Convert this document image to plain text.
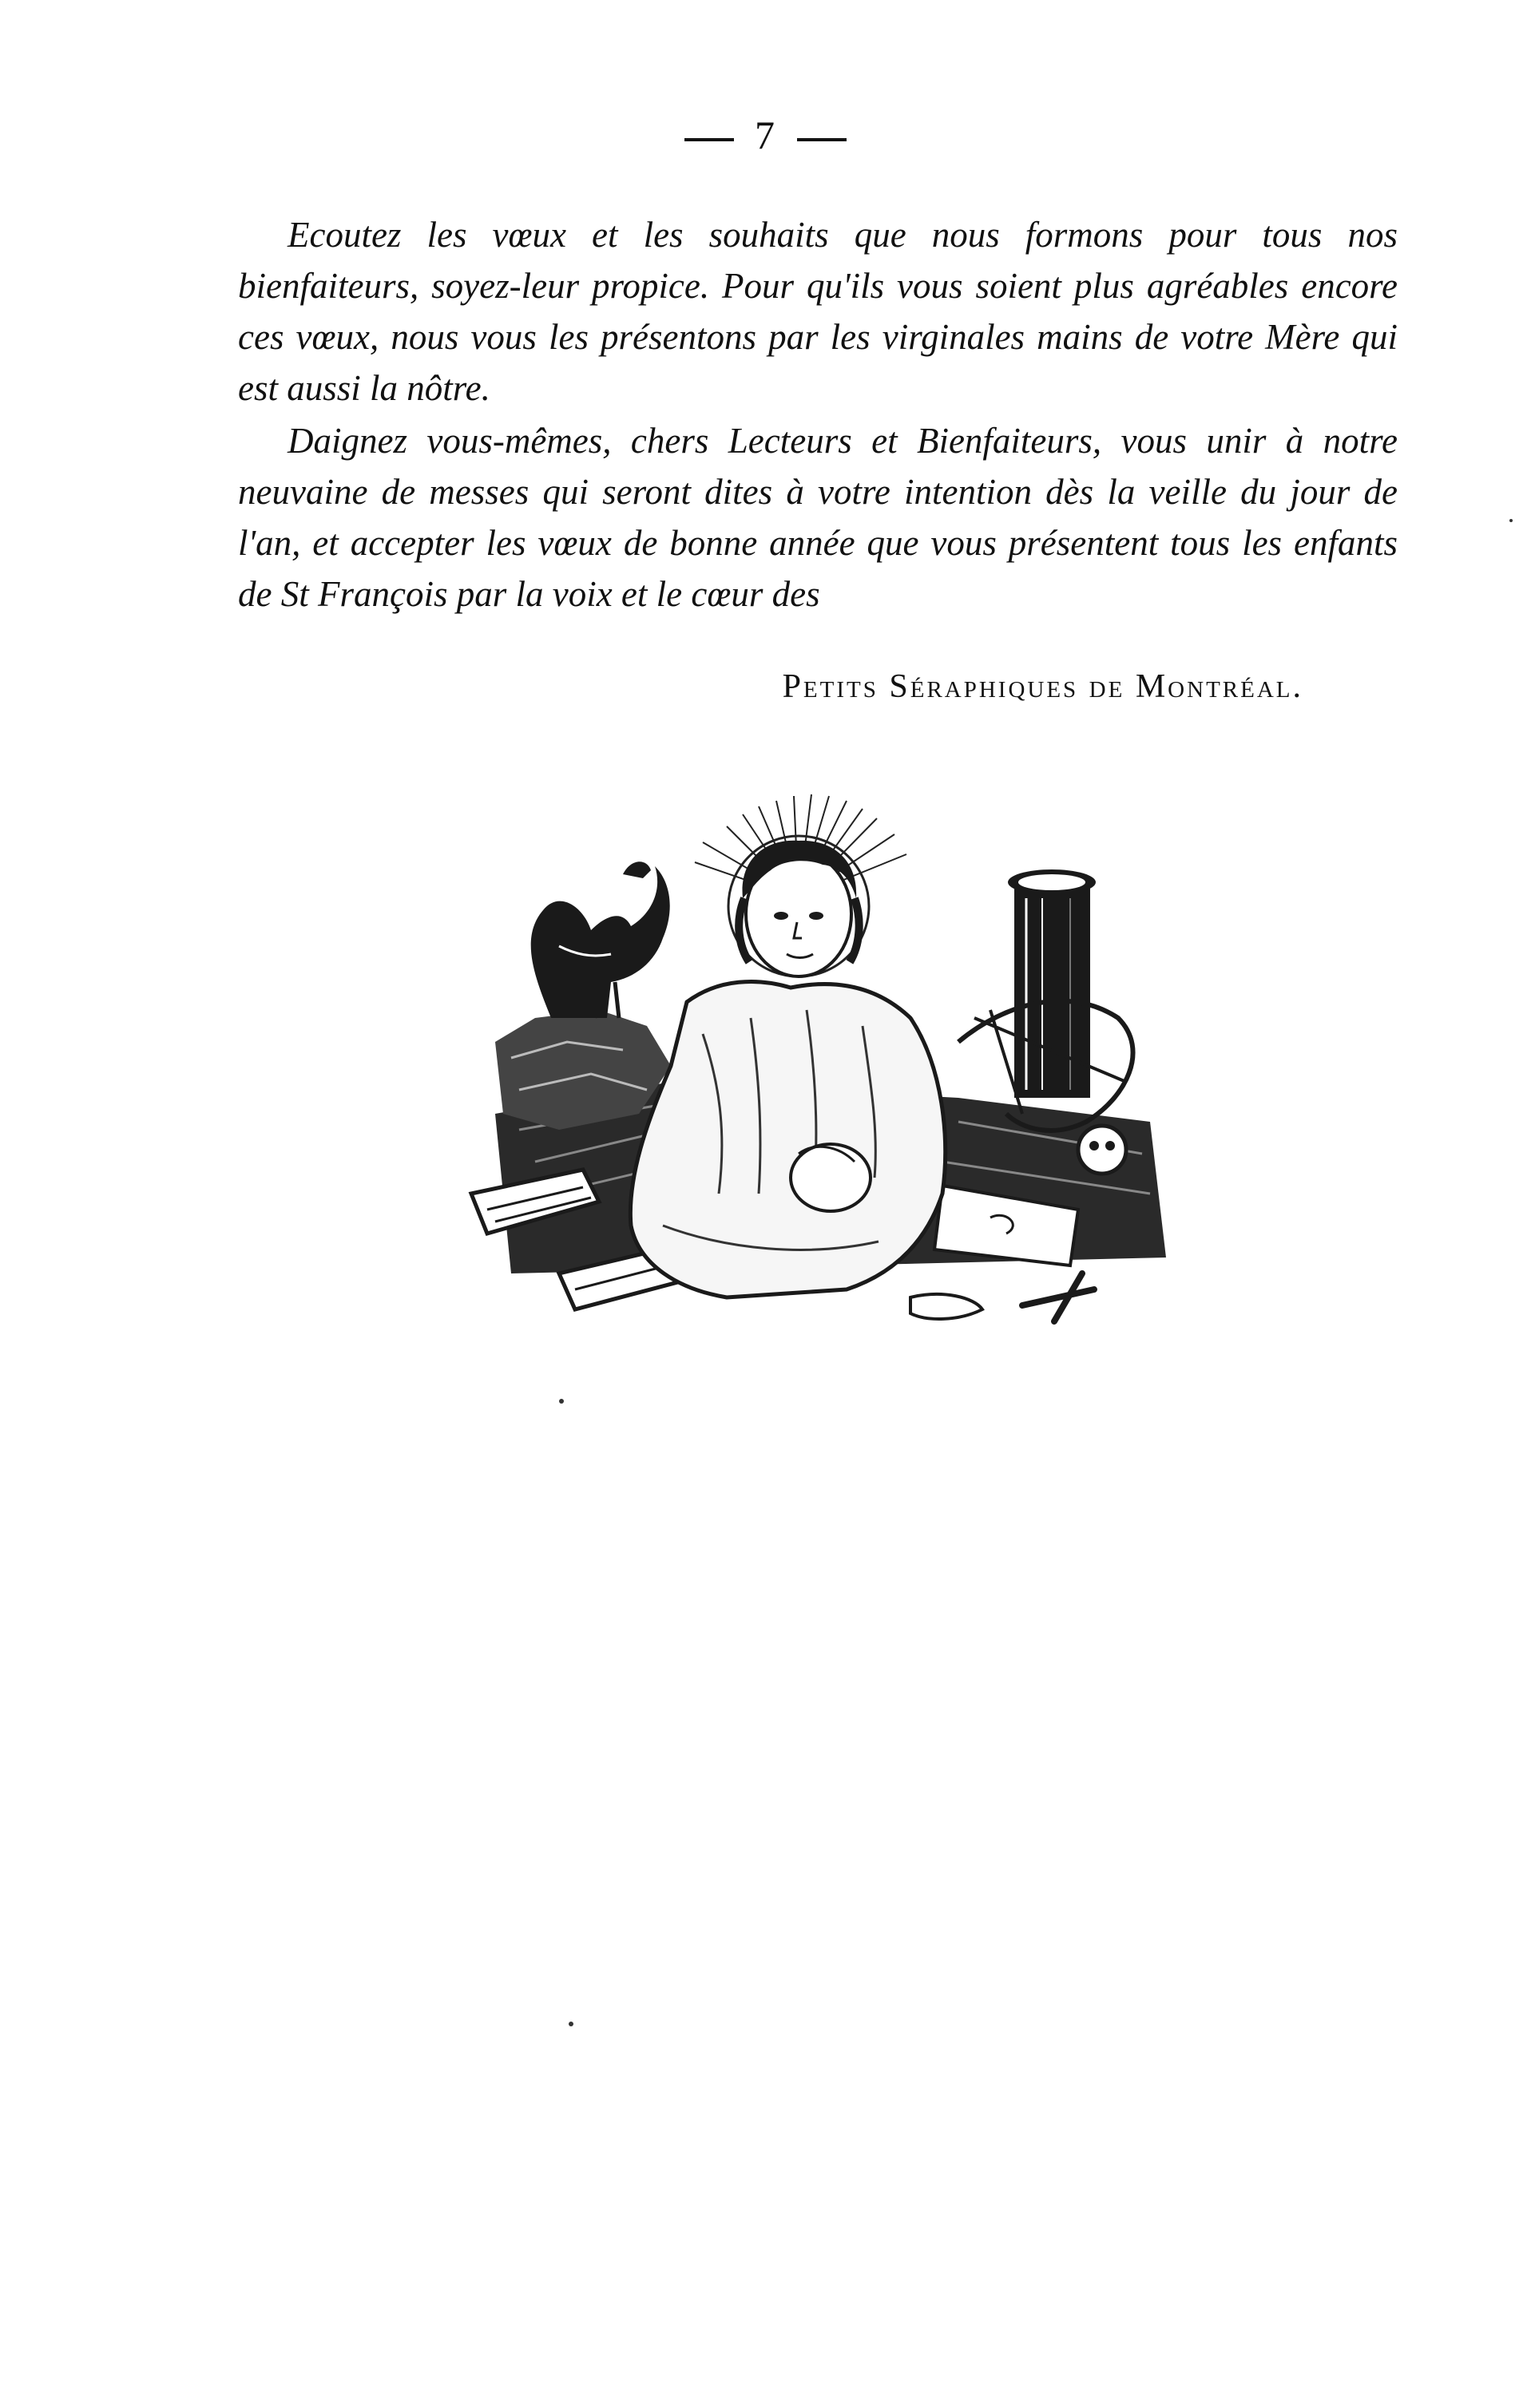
7

Ecoutez les vœux et les souhaits que nous formons pour tous nos bienfaiteurs, soyez-leur propice. Pour qu'ils vous soient plus agréables encore ces vœux, nous vous les présentons par les virginales mains de votre Mère qui est aussi la nôtre.

Daignez vous-mêmes, chers Lecteurs et Bienfaiteurs, vous unir à notre neuvaine de messes qui seront dites à votre intention dès la veille du jour de l'an, et accepter les vœux de bonne année que vous présentent tous les enfants de St François par la voix et le cœur des

Petits Séraphiques de Montréal.
